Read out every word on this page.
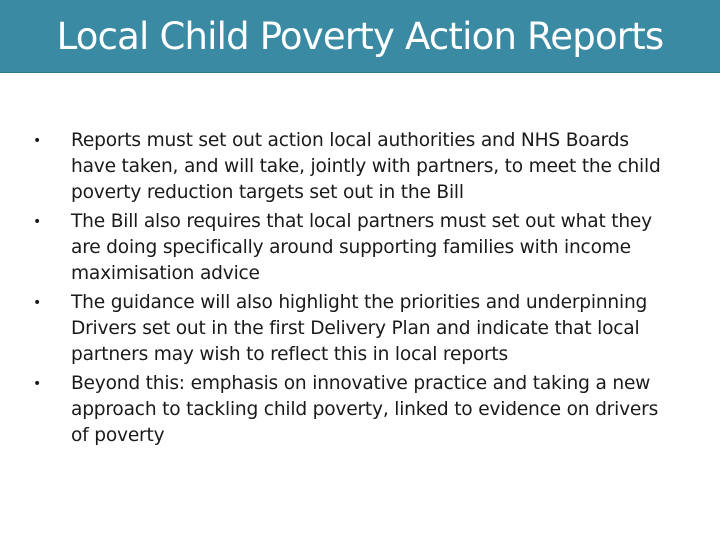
Local Child Poverty Action Reports
• Reports must set out action local authorities and NHS Boards have taken, and will take, jointly with partners, to meet the child poverty reduction targets set out in the Bill
• The Bill also requires that local partners must set out what they are doing specifically around supporting families with income maximisation advice
• The guidance will also highlight the priorities and underpinning Drivers set out in the first Delivery Plan and indicate that local partners may wish to reflect this in local reports
• Beyond this: emphasis on innovative practice and taking a new approach to tackling child poverty, linked to evidence on drivers of poverty
